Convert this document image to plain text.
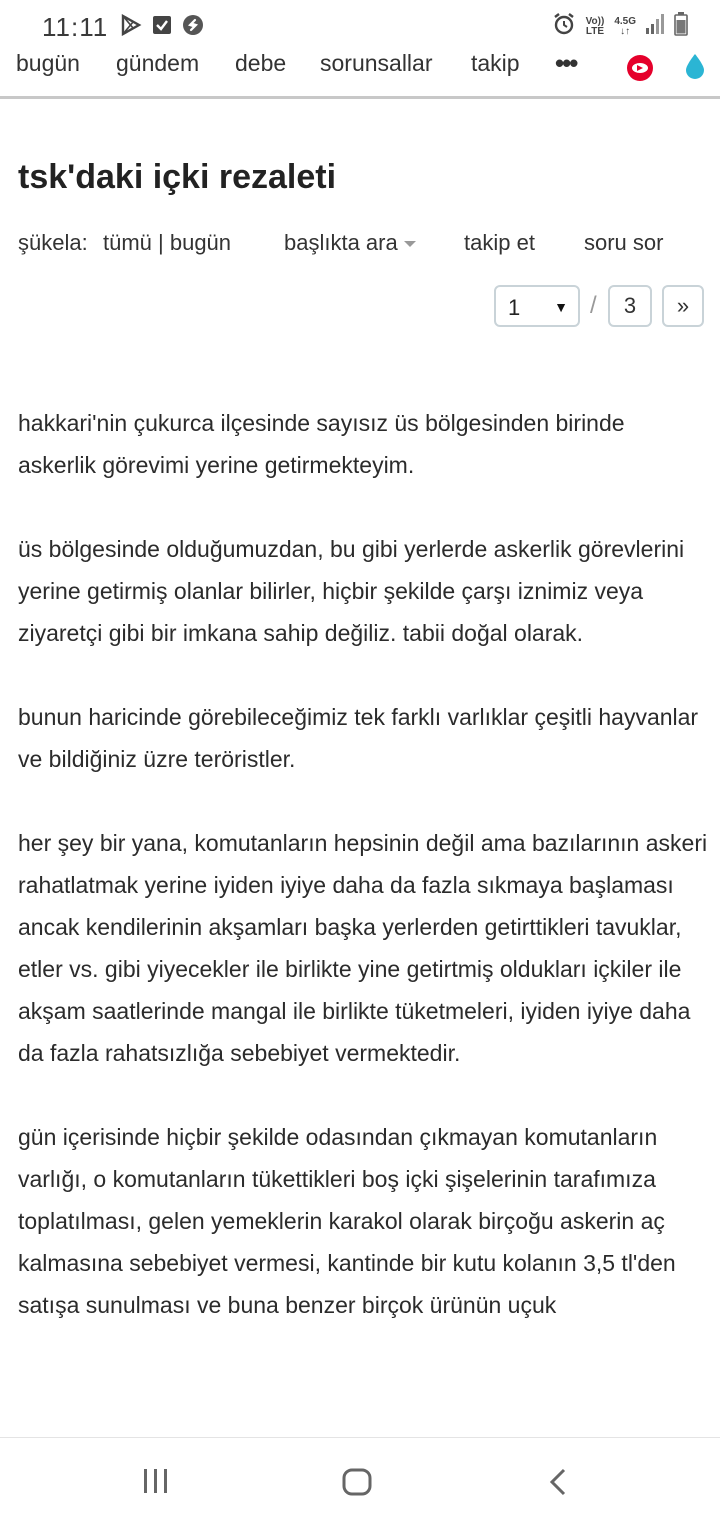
11:11	Vo))
LTE
4.5G
↓↑
bugün gündem debe sorunsallar takip •••
tsk'daki içki rezaleti
şükela: tümü | bugün başlıkta ara	takip et soru sor
1 ▼ /	3	»

hakkari'nin çukurca ilçesinde sayısız üs bölgesinden birinde askerlik görevimi yerine getirmekteyim.

üs bölgesinde olduğumuzdan, bu gibi yerlerde askerlik görevlerini yerine getirmiş olanlar bilirler, hiçbir şekilde çarşı iznimiz veya ziyaretçi gibi bir imkana sahip değiliz. tabii doğal olarak.

bunun haricinde görebileceğimiz tek farklı varlıklar çeşitli hayvanlar ve bildiğiniz üzre teröristler.

her şey bir yana, komutanların hepsinin değil ama bazılarının askeri rahatlatmak yerine iyiden iyiye daha da fazla sıkmaya başlaması ancak kendilerinin akşamları başka yerlerden getirttikleri tavuklar, etler vs. gibi yiyecekler ile birlikte yine getirtmiş oldukları içkiler ile akşam saatlerinde mangal ile birlikte tüketmeleri, iyiden iyiye daha da fazla rahatsızlığa sebebiyet vermektedir.

gün içerisinde hiçbir şekilde odasından çıkmayan komutanların varlığı, o komutanların tükettikleri boş içki şişelerinin tarafımıza toplatılması, gelen yemeklerin karakol olarak birçoğu askerin aç kalmasına sebebiyet vermesi, kantinde bir kutu kolanın 3,5 tl'den satışa sunulması ve buna benzer birçok ürünün uçuk
